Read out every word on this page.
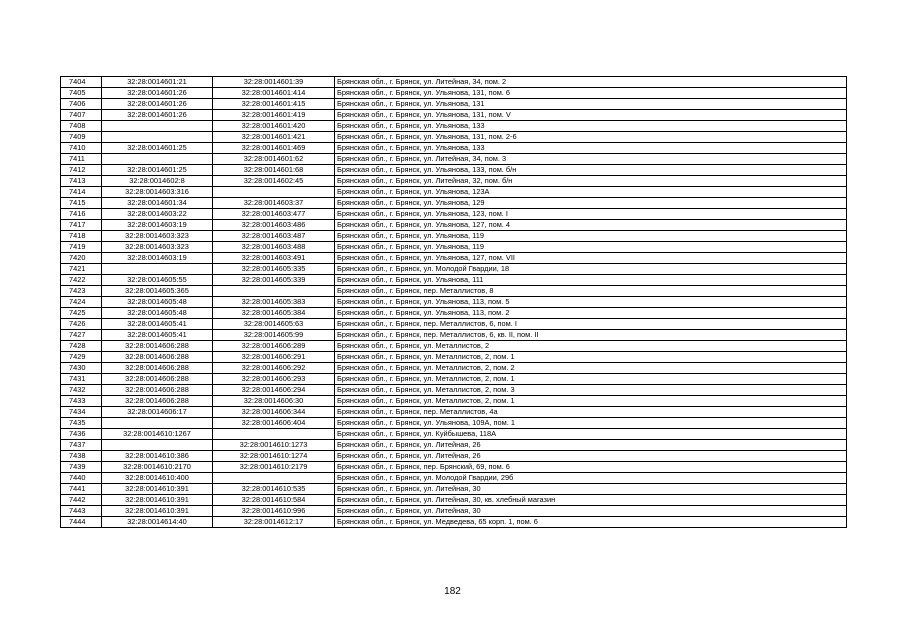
7404	32:28:0014601:21	32:28:0014601:39	Брянская обл., г. Брянск, ул. Литейная, 34, пом. 2
7405	32:28:0014601:26	32:28:0014601:414	Брянская обл., г. Брянск, ул. Ульянова, 131, пом. 6
7406	32:28:0014601:26	32:28:0014601:415	Брянская обл., г. Брянск, ул. Ульянова, 131
7407	32:28:0014601:26	32:28:0014601:419	Брянская обл., г. Брянск, ул. Ульянова, 131, пом. V
7408		32:28:0014601:420	Брянская обл., г. Брянск, ул. Ульянова, 133
7409		32:28:0014601:421	Брянская обл., г. Брянск, ул. Ульянова, 131, пом. 2-6
7410	32:28:0014601:25	32:28:0014601:469	Брянская обл., г. Брянск, ул. Ульянова, 133
7411		32:28:0014601:62	Брянская обл., г. Брянск, ул. Литейная, 34, пом. 3
7412	32:28:0014601:25	32:28:0014601:68	Брянская обл., г. Брянск, ул. Ульянова, 133, пом. б/н
7413	32:28:0014602:8	32:28:0014602:45	Брянская обл., г. Брянск, ул. Литейная, 32, пом. б/н
7414	32:28:0014603:316		Брянская обл., г. Брянск, ул. Ульянова, 123А
7415	32:28:0014601:34	32:28:0014603:37	Брянская обл., г. Брянск, ул. Ульянова, 129
7416	32:28:0014603:22	32:28:0014603:477	Брянская обл., г. Брянск, ул. Ульянова, 123, пом. I
7417	32:28:0014603:19	32:28:0014603:486	Брянская обл., г. Брянск, ул. Ульянова, 127, пом. 4
7418	32:28:0014603:323	32:28:0014603:487	Брянская обл., г. Брянск, ул. Ульянова, 119
7419	32:28:0014603:323	32:28:0014603:488	Брянская обл., г. Брянск, ул. Ульянова, 119
7420	32:28:0014603:19	32:28:0014603:491	Брянская обл., г. Брянск, ул. Ульянова, 127, пом. VII
7421		32:28:0014605:335	Брянская обл., г. Брянск, ул. Молодой Гвардии, 18
7422	32:28:0014605:55	32:28:0014605:339	Брянская обл., г. Брянск, ул. Ульянова, 111
7423	32:28:0014605:365		Брянская обл., г. Брянск, пер. Металлистов, 8
7424	32:28:0014605:48	32:28:0014605:383	Брянская обл., г. Брянск, ул. Ульянова, 113, пом. 5
7425	32:28:0014605:48	32:28:0014605:384	Брянская обл., г. Брянск, ул. Ульянова, 113, пом. 2
7426	32:28:0014605:41	32:28:0014605:63	Брянская обл., г. Брянск, пер. Металлистов, 6, пом. I
7427	32:28:0014605:41	32:28:0014605:99	Брянская обл., г. Брянск, пер. Металлистов, 6, кв. II, пом. II
7428	32:28:0014606:288	32:28:0014606:289	Брянская обл., г. Брянск, ул. Металлистов, 2
7429	32:28:0014606:288	32:28:0014606:291	Брянская обл., г. Брянск, ул. Металлистов, 2, пом. 1
7430	32:28:0014606:288	32:28:0014606:292	Брянская обл., г. Брянск, ул. Металлистов, 2, пом. 2
7431	32:28:0014606:288	32:28:0014606:293	Брянская обл., г. Брянск, ул. Металлистов, 2, пом. 1
7432	32:28:0014606:288	32:28:0014606:294	Брянская обл., г. Брянск, ул. Металлистов, 2, пом. 3
7433	32:28:0014606:288	32:28:0014606:30	Брянская обл., г. Брянск, ул. Металлистов, 2, пом. 1
7434	32:28:0014606:17	32:28:0014606:344	Брянская обл., г. Брянск, пер. Металлистов, 4а
7435		32:28:0014606:404	Брянская обл., г. Брянск, ул. Ульянова, 109А, пом. 1
7436	32:28:0014610:1267		Брянская обл., г. Брянск, ул. Куйбышева, 118А
7437		32:28:0014610:1273	Брянская обл., г. Брянск, ул. Литейная, 26
7438	32:28:0014610:386	32:28:0014610:1274	Брянская обл., г. Брянск, ул. Литейная, 26
7439	32:28:0014610:2170	32:28:0014610:2179	Брянская обл., г. Брянск, пер. Брянский, 69, пом. 6
7440	32:28:0014610:400		Брянская обл., г. Брянск, ул. Молодой Гвардии, 29б
7441	32:28:0014610:391	32:28:0014610:535	Брянская обл., г. Брянск, ул. Литейная, 30
7442	32:28:0014610:391	32:28:0014610:584	Брянская обл., г. Брянск, ул. Литейная, 30, кв. хлебный магазин
7443	32:28:0014610:391	32:28:0014610:996	Брянская обл., г. Брянск, ул. Литейная, 30
7444	32:28:0014614:40	32:28:0014612:17	Брянская обл., г. Брянск, ул. Медведева, 65 корп. 1, пом. 6
182
